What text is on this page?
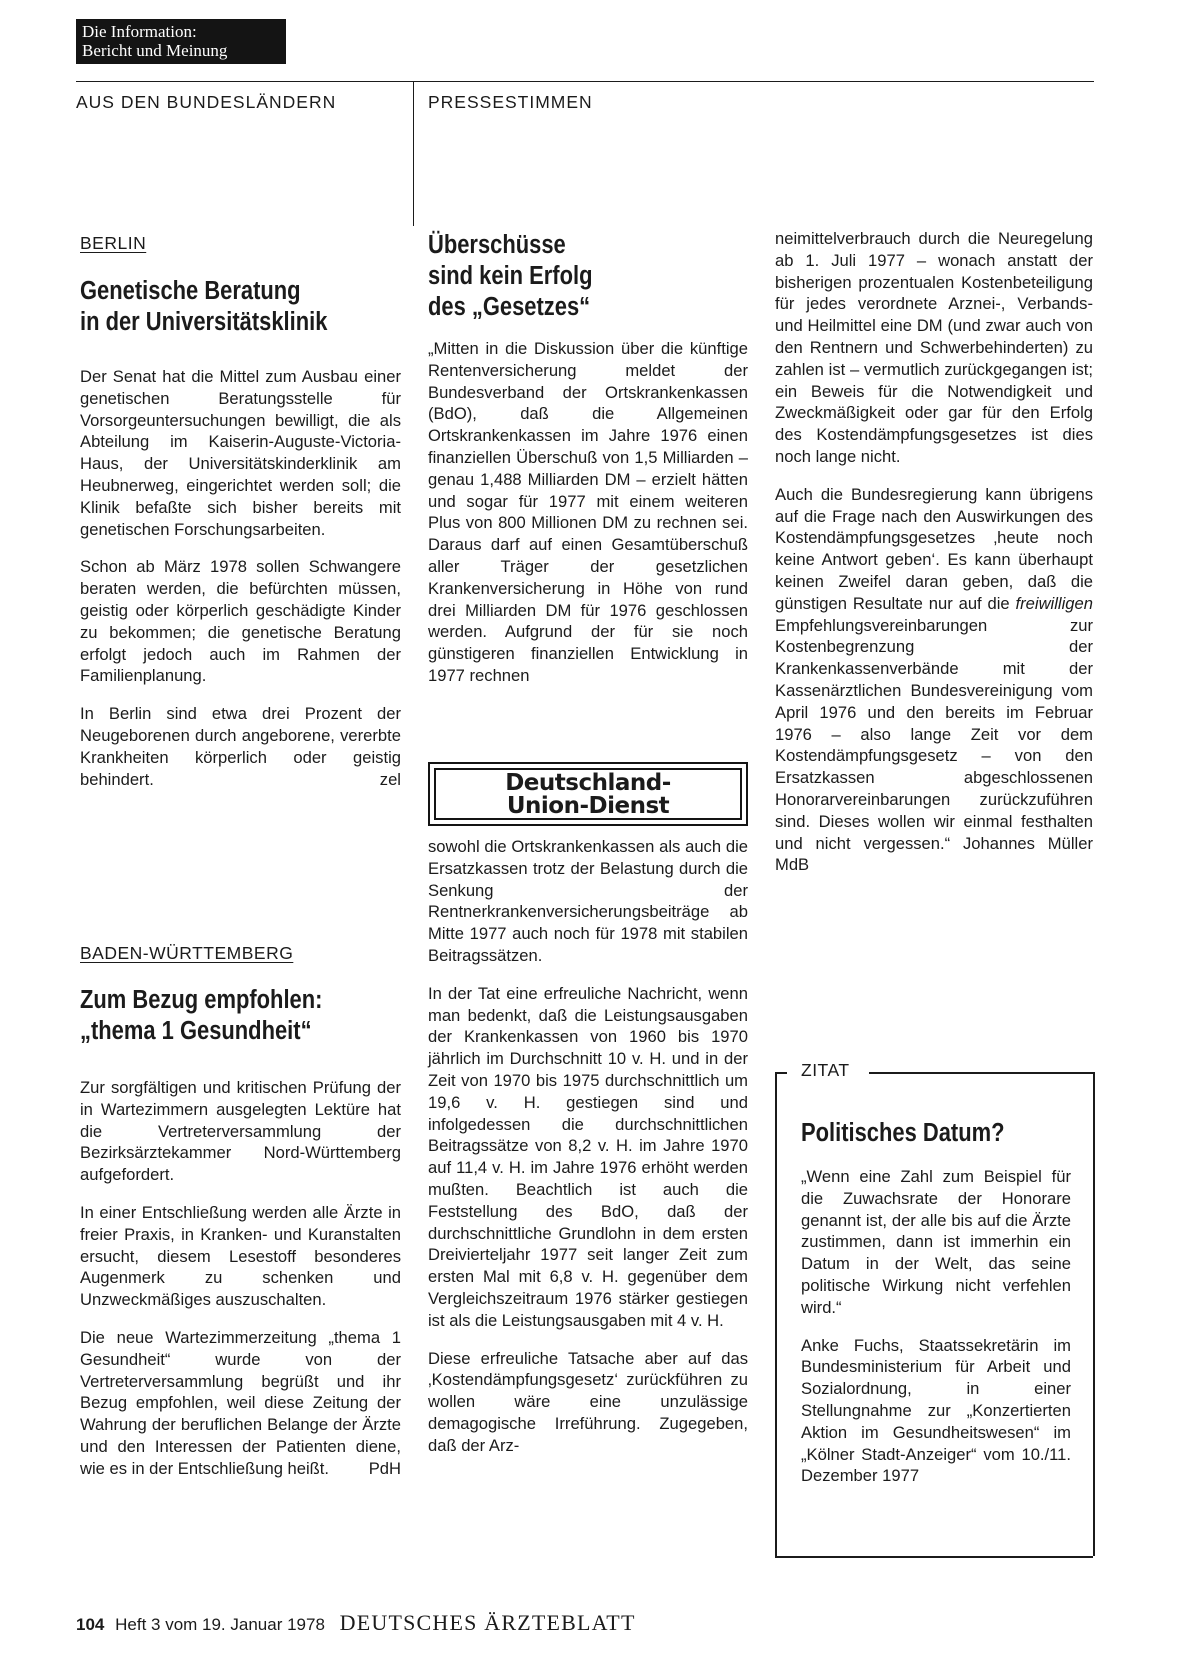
Die Information:
Bericht und Meinung
AUS DEN BUNDESLÄNDERN	PRESSESTIMMEN
BERLIN
Genetische Beratung
in der Universitätsklinik

Der Senat hat die Mittel zum Ausbau einer genetischen Beratungsstelle für Vorsorgeuntersuchungen bewilligt, die als Abteilung im Kaiserin-Auguste-Victoria-Haus, der Universitätskinderklinik am Heubnerweg, eingerichtet werden soll; die Klinik befaßte sich bisher bereits mit genetischen Forschungsarbeiten.

Schon ab März 1978 sollen Schwangere beraten werden, die befürchten müssen, geistig oder körperlich geschädigte Kinder zu bekommen; die genetische Beratung erfolgt jedoch auch im Rahmen der Familienplanung.

In Berlin sind etwa drei Prozent der Neugeborenen durch angeborene, vererbte Krankheiten körperlich oder geistig behindert.	zel

BADEN-WÜRTTEMBERG
Zum Bezug empfohlen:
„thema 1 Gesundheit“

Zur sorgfältigen und kritischen Prüfung der in Wartezimmern ausgelegten Lektüre hat die Vertreterversammlung der Bezirksärztekammer Nord-Württemberg aufgefordert.

In einer Entschließung werden alle Ärzte in freier Praxis, in Kranken- und Kuranstalten ersucht, diesem Lesestoff besonderes Augenmerk zu schenken und Unzweckmäßiges auszuschalten.

Die neue Wartezimmerzeitung „thema 1 Gesundheit“ wurde von der Vertreterversammlung begrüßt und ihr Bezug empfohlen, weil diese Zeitung der Wahrung der beruflichen Belange der Ärzte und den Interessen der Patienten diene, wie es in der Entschließung heißt. PdH

Überschüsse
sind kein Erfolg
des „Gesetzes“

„Mitten in die Diskussion über die künftige Rentenversicherung meldet der Bundesverband der Ortskrankenkassen (BdO), daß die Allgemeinen Ortskrankenkassen im Jahre 1976 einen finanziellen Überschuß von 1,5 Milliarden – genau 1,488 Milliarden DM – erzielt hätten und sogar für 1977 mit einem weiteren Plus von 800 Millionen DM zu rechnen sei. Daraus darf auf einen Gesamtüberschuß aller Träger der gesetzlichen Krankenversicherung in Höhe von rund drei Milliarden DM für 1976 geschlossen werden. Aufgrund der für sie noch günstigeren finanziellen Entwicklung in 1977 rechnen

Deutschland-
Union-Dienst

sowohl die Ortskrankenkassen als auch die Ersatzkassen trotz der Belastung durch die Senkung der Rentnerkrankenversicherungsbeiträge ab Mitte 1977 auch noch für 1978 mit stabilen Beitragssätzen.

In der Tat eine erfreuliche Nachricht, wenn man bedenkt, daß die Leistungsausgaben der Krankenkassen von 1960 bis 1970 jährlich im Durchschnitt 10 v. H. und in der Zeit von 1970 bis 1975 durchschnittlich um 19,6 v. H. gestiegen sind und infolgedessen die durchschnittlichen Beitragssätze von 8,2 v. H. im Jahre 1970 auf 11,4 v. H. im Jahre 1976 erhöht werden mußten. Beachtlich ist auch die Feststellung des BdO, daß der durchschnittliche Grundlohn in dem ersten Dreivierteljahr 1977 seit langer Zeit zum ersten Mal mit 6,8 v. H. gegenüber dem Vergleichszeitraum 1976 stärker gestiegen ist als die Leistungsausgaben mit 4 v. H.

Diese erfreuliche Tatsache aber auf das ‚Kostendämpfungsgesetz‘ zurückführen zu wollen wäre eine unzulässige demagogische Irreführung. Zugegeben, daß der Arz-

neimittelverbrauch durch die Neuregelung ab 1. Juli 1977 – wonach anstatt der bisherigen prozentualen Kostenbeteiligung für jedes verordnete Arznei-, Verbands- und Heilmittel eine DM (und zwar auch von den Rentnern und Schwerbehinderten) zu zahlen ist – vermutlich zurückgegangen ist; ein Beweis für die Notwendigkeit und Zweckmäßigkeit oder gar für den Erfolg des Kostendämpfungsgesetzes ist dies noch lange nicht.

Auch die Bundesregierung kann übrigens auf die Frage nach den Auswirkungen des Kostendämpfungsgesetzes ‚heute noch keine Antwort geben‘. Es kann überhaupt keinen Zweifel daran geben, daß die günstigen Resultate nur auf die freiwilligen Empfehlungsvereinbarungen zur Kostenbegrenzung der Krankenkassenverbände mit der Kassenärztlichen Bundesvereinigung vom April 1976 und den bereits im Februar 1976 – also lange Zeit vor dem Kostendämpfungsgesetz – von den Ersatzkassen abgeschlossenen Honorarvereinbarungen zurückzuführen sind. Dieses wollen wir einmal festhalten und nicht vergessen.“ Johannes Müller MdB

ZITAT
Politisches Datum?

„Wenn eine Zahl zum Beispiel für die Zuwachsrate der Honorare genannt ist, der alle bis auf die Ärzte zustimmen, dann ist immerhin ein Datum in der Welt, das seine politische Wirkung nicht verfehlen wird.“

Anke Fuchs, Staatssekretärin im Bundesministerium für Arbeit und Sozialordnung, in einer Stellungnahme zur „Konzertierten Aktion im Gesundheitswesen“ im „Kölner Stadt-Anzeiger“ vom 10./11. Dezember 1977

104 Heft 3 vom 19. Januar 1978 DEUTSCHES ÄRZTEBLATT
